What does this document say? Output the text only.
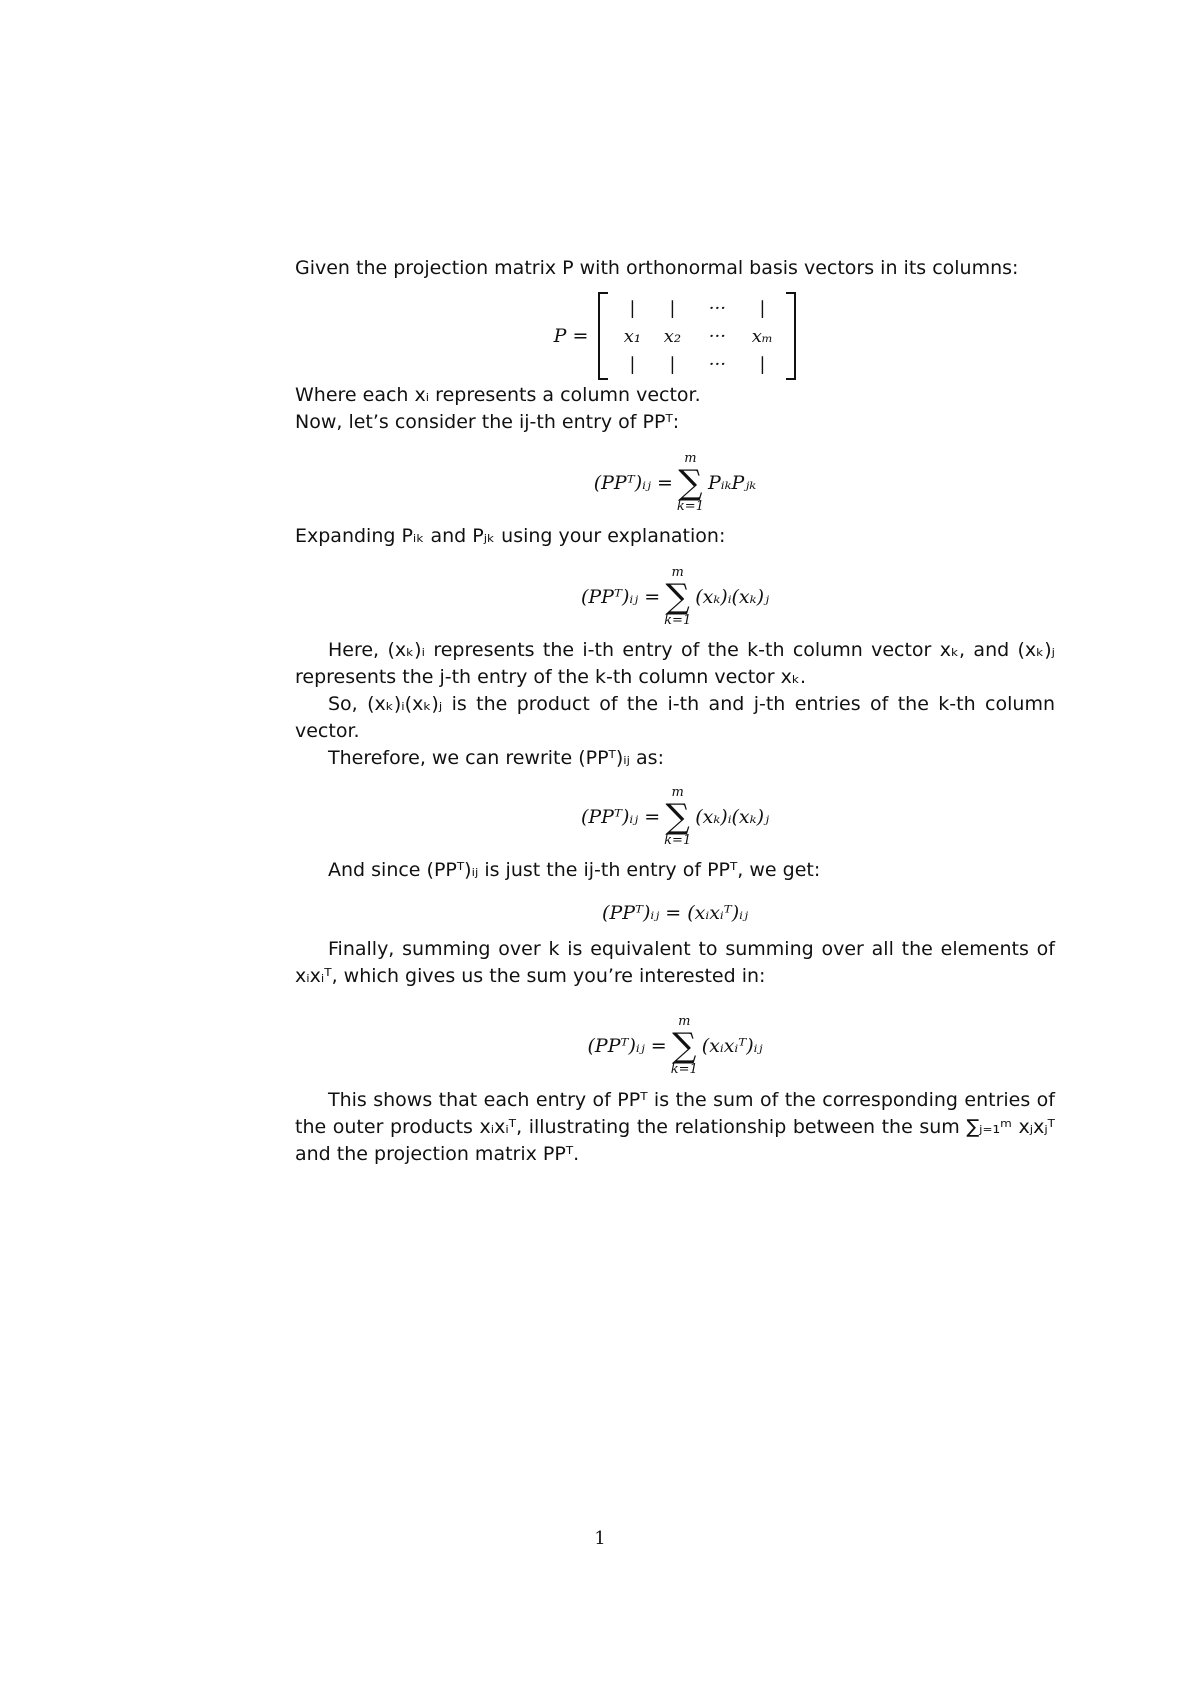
Given the projection matrix P with orthonormal basis vectors in its columns:
P =
|	|	···	|
x₁	x₂	···	xₘ
|	|	···	|
Where each xᵢ represents a column vector.
Now, let’s consider the ij-th entry of PPᵀ:
(PPᵀ)ᵢⱼ =
m
∑
k=1
PᵢₖPⱼₖ
Expanding Pᵢₖ and Pⱼₖ using your explanation:
(PPᵀ)ᵢⱼ =
m
∑
k=1
(xₖ)ᵢ(xₖ)ⱼ
Here, (xₖ)ᵢ represents the i-th entry of the k-th column vector xₖ, and (xₖ)ⱼ represents the j-th entry of the k-th column vector xₖ.
So, (xₖ)ᵢ(xₖ)ⱼ is the product of the i-th and j-th entries of the k-th column vector.
Therefore, we can rewrite (PPᵀ)ᵢⱼ as:
(PPᵀ)ᵢⱼ =
m
∑
k=1
(xₖ)ᵢ(xₖ)ⱼ
And since (PPᵀ)ᵢⱼ is just the ij-th entry of PPᵀ, we get:
(PPᵀ)ᵢⱼ = (xᵢxᵢᵀ)ᵢⱼ
Finally, summing over k is equivalent to summing over all the elements of xᵢxᵢᵀ, which gives us the sum you’re interested in:
(PPᵀ)ᵢⱼ =
m
∑
k=1
(xᵢxᵢᵀ)ᵢⱼ
This shows that each entry of PPᵀ is the sum of the corresponding entries of the outer products xᵢxᵢᵀ, illustrating the relationship between the sum ∑ⱼ₌₁ᵐ xⱼxⱼᵀ and the projection matrix PPᵀ.
1
